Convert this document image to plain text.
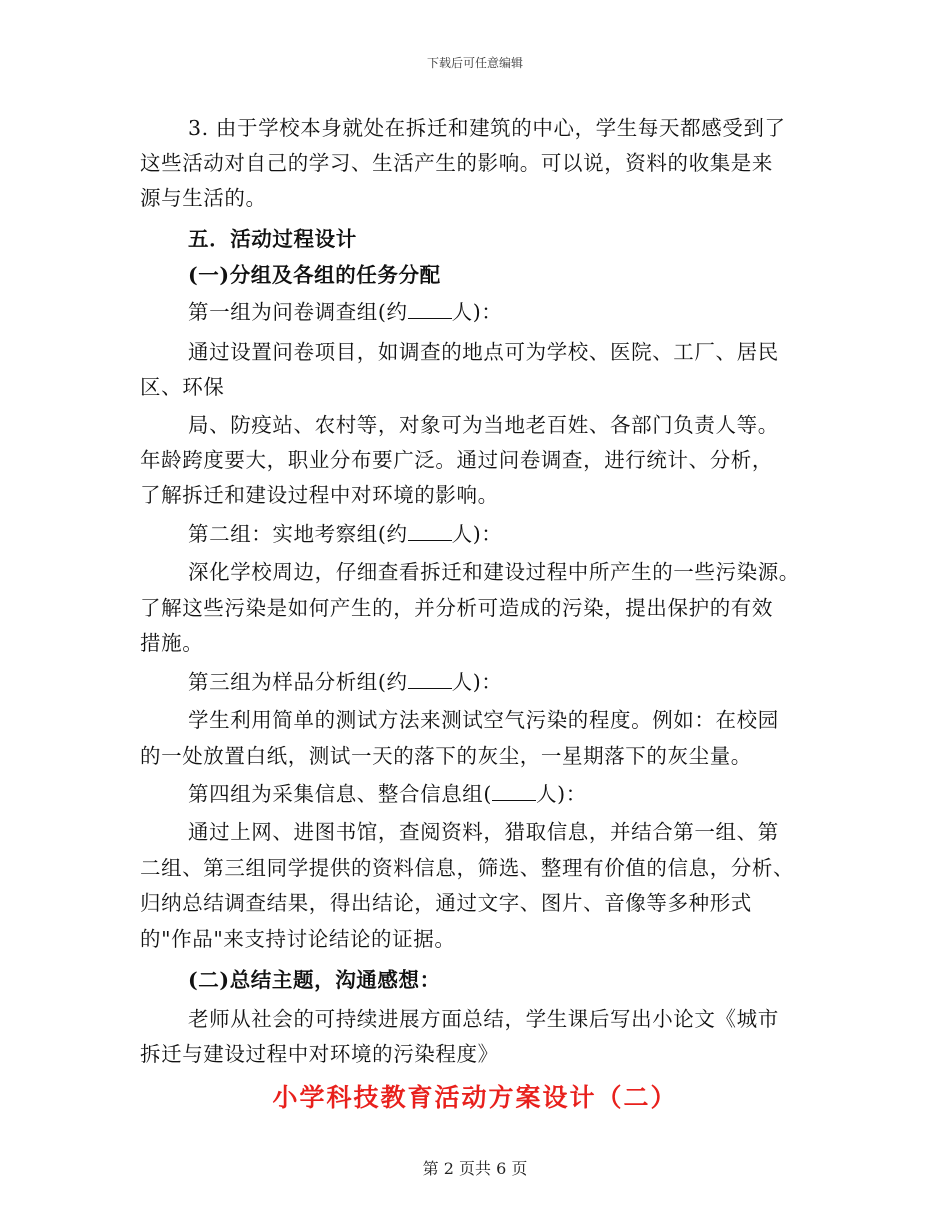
下载后可任意编辑
3. 由于学校本身就处在拆迁和建筑的中心，学生每天都感受到了
这些活动对自己的学习、生活产生的影响。可以说，资料的收集是来
源与生活的。
五．活动过程设计
(一)分组及各组的任务分配
第一组为问卷调查组(约 人)：
通过设置问卷项目，如调查的地点可为学校、医院、工厂、居民
区、环保
局、防疫站、农村等，对象可为当地老百姓、各部门负责人等。
年龄跨度要大，职业分布要广泛。通过问卷调查，进行统计、分析，
了解拆迁和建设过程中对环境的影响。
第二组：实地考察组(约 人)：
深化学校周边，仔细查看拆迁和建设过程中所产生的一些污染源。
了解这些污染是如何产生的，并分析可造成的污染，提出保护的有效
措施。
第三组为样品分析组(约 人)：
学生利用简单的测试方法来测试空气污染的程度。例如：在校园
的一处放置白纸，测试一天的落下的灰尘，一星期落下的灰尘量。
第四组为采集信息、整合信息组( 人)：
通过上网、进图书馆，查阅资料，猎取信息，并结合第一组、第
二组、第三组同学提供的资料信息，筛选、整理有价值的信息，分析、
归纳总结调查结果，得出结论，通过文字、图片、音像等多种形式
的"作品"来支持讨论结论的证据。
(二)总结主题，沟通感想：
老师从社会的可持续进展方面总结，学生课后写出小论文《城市
拆迁与建设过程中对环境的污染程度》
小学科技教育活动方案设计（二）
第 2 页共 6 页
